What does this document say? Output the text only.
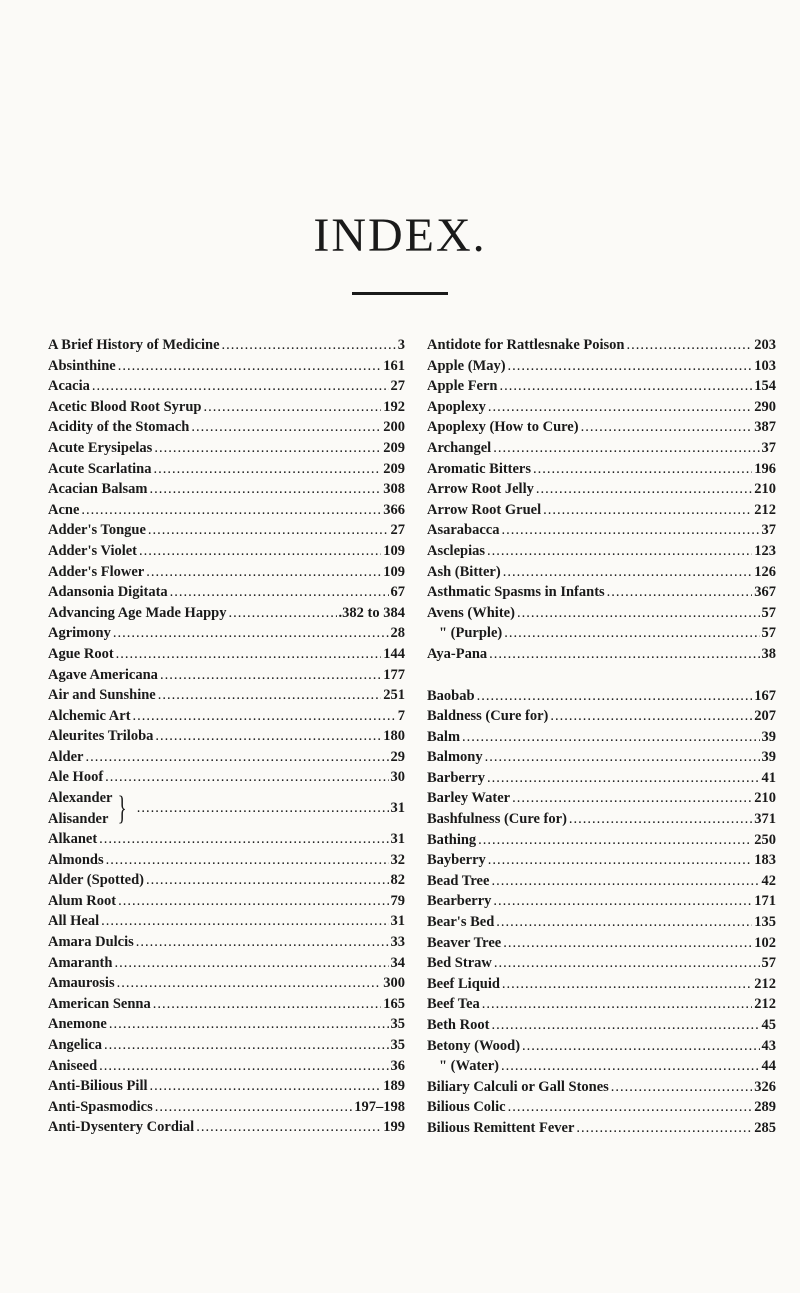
INDEX.
A Brief History of Medicine .....	3
Absinthine .....	161
Acacia .....	27
Acetic Blood Root Syrup .....	192
Acidity of the Stomach .....	200
Acute Erysipelas .....	209
Acute Scarlatina .....	209
Acacian Balsam .....	308
Acne .....	366
Adder's Tongue .....	27
Adder's Violet .....	109
Adder's Flower .....	109
Adansonia Digitata .....	67
Advancing Age Made Happy .....	.382 to 384
Agrimony .....	28
Ague Root .....	144
Agave Americana .....	177
Air and Sunshine .....	251
Alchemic Art .....	7
Aleurites Triloba .....	180
Alder .....	29
Ale Hoof .....	30
Alexander
Alisander } .....	31
Alkanet .....	31
Almonds .....	32
Alder (Spotted) .....	82
Alum Root .....	79
All Heal .....	31
Amara Dulcis .....	33
Amaranth .....	34
Amaurosis .....	300
American Senna .....	165
Anemone .....	35
Angelica .....	35
Aniseed .....	36
Anti-Bilious Pill .....	189
Anti-Spasmodics .....	197–198
Anti-Dysentery Cordial .....	199
Antidote for Rattlesnake Poison .....	203
Apple (May) .....	103
Apple Fern .....	154
Apoplexy .....	290
Apoplexy (How to Cure) .....	387
Archangel .....	37
Aromatic Bitters .....	196
Arrow Root Jelly .....	210
Arrow Root Gruel .....	212
Asarabacca .....	37
Asclepias .....	123
Ash (Bitter) .....	126
Asthmatic Spasms in Infants .....	367
Avens (White) .....	57
" (Purple) .....	57
Aya-Pana .....	38
Baobab .....	167
Baldness (Cure for) .....	207
Balm .....	39
Balmony .....	39
Barberry .....	41
Barley Water .....	210
Bashfulness (Cure for) .....	371
Bathing .....	250
Bayberry .....	183
Bead Tree .....	42
Bearberry .....	171
Bear's Bed .....	135
Beaver Tree .....	102
Bed Straw .....	57
Beef Liquid .....	212
Beef Tea .....	212
Beth Root .....	45
Betony (Wood) .....	43
" (Water) .....	44
Biliary Calculi or Gall Stones .....	326
Bilious Colic .....	289
Bilious Remittent Fever .....	285
